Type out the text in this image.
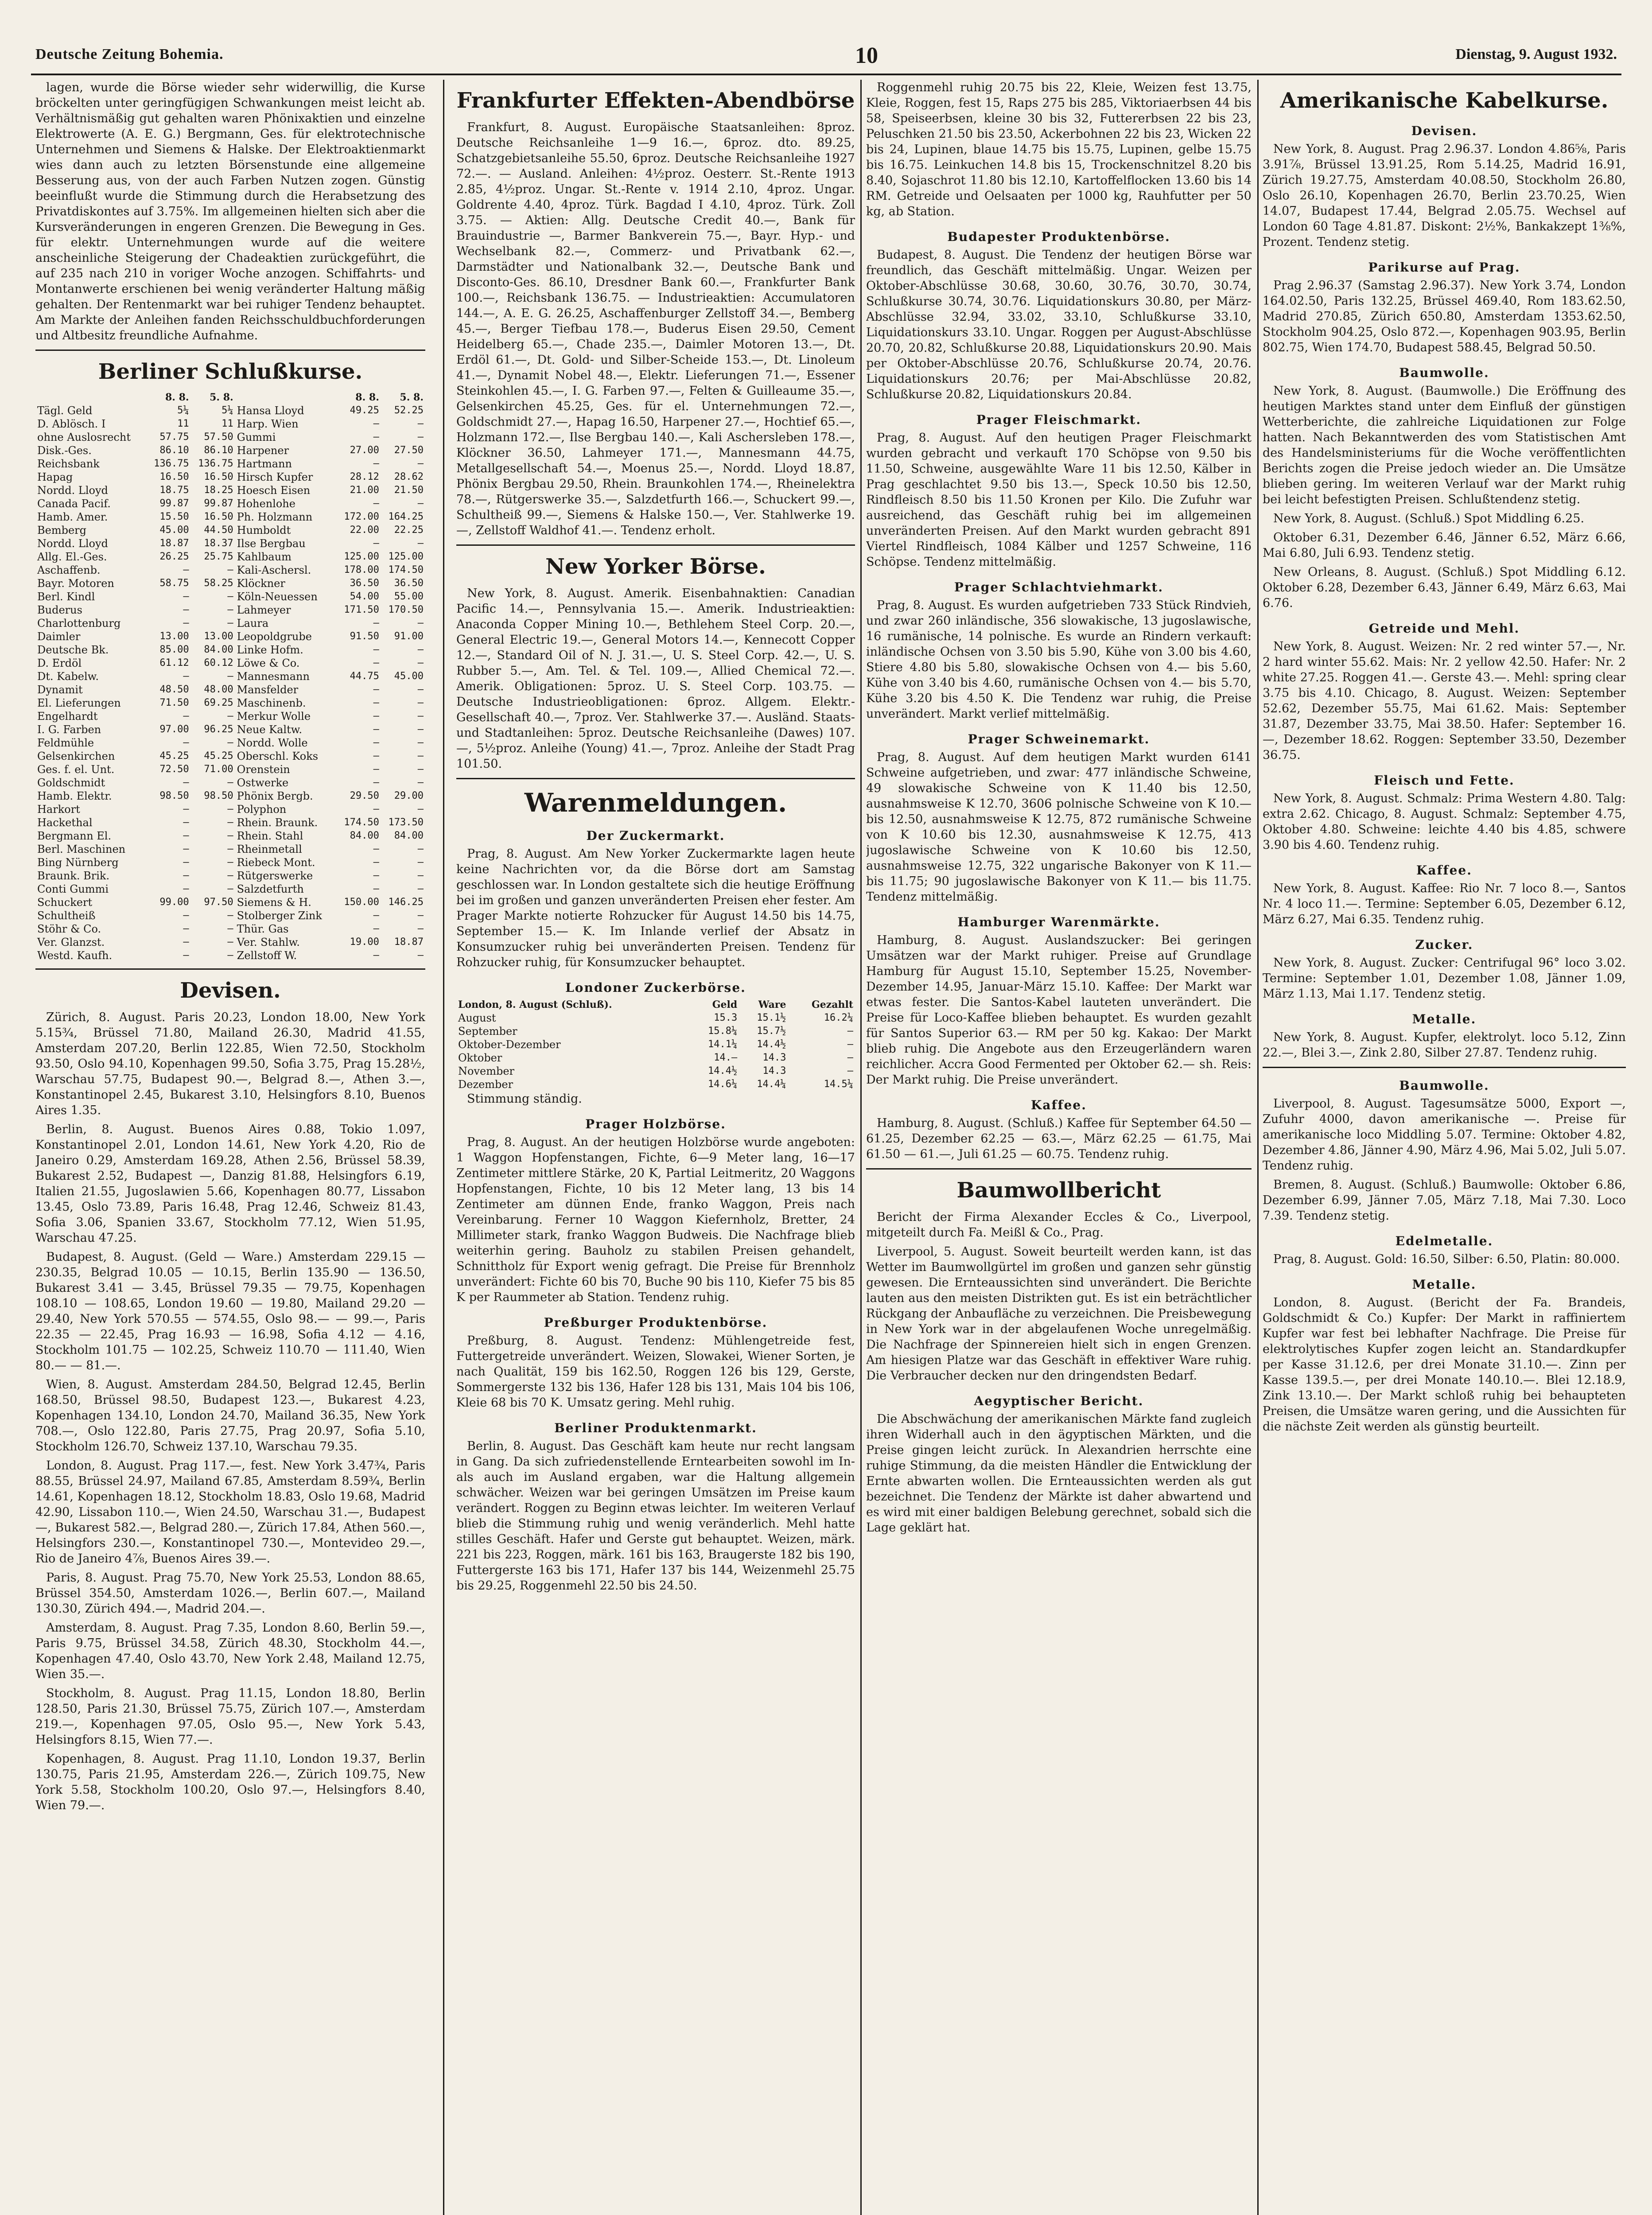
Deutsche Zeitung Bohemia.	10	Dienstag, 9. August 1932.

lagen, wurde die Börse wieder sehr widerwillig, die Kurse bröckelten unter geringfügigen Schwankungen meist leicht ab. Verhältnismäßig gut gehalten waren Phönixaktien und einzelne Elektrowerte (A. E. G.) Bergmann, Ges. für elektrotechnische Unternehmen und Siemens & Halske. Der Elektroaktienmarkt wies dann auch zu letzten Börsenstunde eine allgemeine Besserung aus, von der auch Farben Nutzen zogen. Günstig beeinflußt wurde die Stimmung durch die Herabsetzung des Privatdiskontes auf 3.75%. Im allgemeinen hielten sich aber die Kursveränderungen in engeren Grenzen. Die Bewegung in Ges. für elektr. Unternehmungen wurde auf die weitere anscheinliche Steigerung der Chadeaktien zurückgeführt, die auf 235 nach 210 in voriger Woche anzogen. Schiffahrts- und Montanwerte erschienen bei wenig veränderter Haltung mäßig gehalten. Der Rentenmarkt war bei ruhiger Tendenz behauptet. Am Markte der Anleihen fanden Reichsschuldbuchforderungen und Altbesitz freundliche Aufnahme.

Berliner Schlußkurse.
	8. 8.	5. 8.		8. 8.	5. 8.
Tägl. Geld	5¼	5¼	Hansa Lloyd	49.25	52.25
D. Ablösch. I	11	11	Harp. Wien	—	—
ohne Auslosrecht	57.75	57.50	Gummi	—	—
Disk.-Ges.	86.10	86.10	Harpener	27.00	27.50
Reichsbank	136.75	136.75	Hartmann	—	—
Hapag	16.50	16.50	Hirsch Kupfer	28.12	28.62
Nordd. Lloyd	18.75	18.25	Hoesch Eisen	21.00	21.50
Canada Pacif.	99.87	99.87	Hohenlohe	—	—
Hamb. Amer.	15.50	16.50	Ph. Holzmann	172.00	164.25
Bemberg	45.00	44.50	Humboldt	22.00	22.25
Nordd. Lloyd	18.87	18.37	Ilse Bergbau	—	—
Allg. El.-Ges.	26.25	25.75	Kahlbaum	125.00	125.00
Aschaffenb.	—	—	Kali-Aschersl.	178.00	174.50
Bayr. Motoren	58.75	58.25	Klöckner	36.50	36.50
Berl. Kindl	—	—	Köln-Neuessen	54.00	55.00
Buderus	—	—	Lahmeyer	171.50	170.50
Charlottenburg	—	—	Laura	—	—
Daimler	13.00	13.00	Leopoldgrube	91.50	91.00
Deutsche Bk.	85.00	84.00	Linke Hofm.	—	—
D. Erdöl	61.12	60.12	Löwe & Co.	—	—
Dt. Kabelw.	—	—	Mannesmann	44.75	45.00
Dynamit	48.50	48.00	Mansfelder	—	—
El. Lieferungen	71.50	69.25	Maschinenb.	—	—
Engelhardt	—	—	Merkur Wolle	—	—
I. G. Farben	97.00	96.25	Neue Kaltw.	—	—
Feldmühle	—	—	Nordd. Wolle	—	—
Gelsenkirchen	45.25	45.25	Oberschl. Koks	—	—
Ges. f. el. Unt.	72.50	71.00	Orenstein	—	—
Goldschmidt	—	—	Ostwerke	—	—
Hamb. Elektr.	98.50	98.50	Phönix Bergb.	29.50	29.00
Harkort	—	—	Polyphon	—	—
Hackethal	—	—	Rhein. Braunk.	174.50	173.50
Bergmann El.	—	—	Rhein. Stahl	84.00	84.00
Berl. Maschinen	—	—	Rheinmetall	—	—
Bing Nürnberg	—	—	Riebeck Mont.	—	—
Braunk. Brik.	—	—	Rütgerswerke	—	—
Conti Gummi	—	—	Salzdetfurth	—	—
Schuckert	99.00	97.50	Siemens & H.	150.00	146.25
Schultheiß	—	—	Stolberger Zink	—	—
Stöhr & Co.	—	—	Thür. Gas	—	—
Ver. Glanzst.	—	—	Ver. Stahlw.	19.00	18.87
Westd. Kaufh.	—	—	Zellstoff W.	—	—
Devisen.

Zürich, 8. August. Paris 20.23, London 18.00, New York 5.15¾, Brüssel 71.80, Mailand 26.30, Madrid 41.55, Amsterdam 207.20, Berlin 122.85, Wien 72.50, Stockholm 93.50, Oslo 94.10, Kopenhagen 99.50, Sofia 3.75, Prag 15.28½, Warschau 57.75, Budapest 90.—, Belgrad 8.—, Athen 3.—, Konstantinopel 2.45, Bukarest 3.10, Helsingfors 8.10, Buenos Aires 1.35.

Berlin, 8. August. Buenos Aires 0.88, Tokio 1.097, Konstantinopel 2.01, London 14.61, New York 4.20, Rio de Janeiro 0.29, Amsterdam 169.28, Athen 2.56, Brüssel 58.39, Bukarest 2.52, Budapest —, Danzig 81.88, Helsingfors 6.19, Italien 21.55, Jugoslawien 5.66, Kopenhagen 80.77, Lissabon 13.45, Oslo 73.89, Paris 16.48, Prag 12.46, Schweiz 81.43, Sofia 3.06, Spanien 33.67, Stockholm 77.12, Wien 51.95, Warschau 47.25.

Budapest, 8. August. (Geld — Ware.) Amsterdam 229.15 — 230.35, Belgrad 10.05 — 10.15, Berlin 135.90 — 136.50, Bukarest 3.41 — 3.45, Brüssel 79.35 — 79.75, Kopenhagen 108.10 — 108.65, London 19.60 — 19.80, Mailand 29.20 — 29.40, New York 570.55 — 574.55, Oslo 98.— — 99.—, Paris 22.35 — 22.45, Prag 16.93 — 16.98, Sofia 4.12 — 4.16, Stockholm 101.75 — 102.25, Schweiz 110.70 — 111.40, Wien 80.— — 81.—.

Wien, 8. August. Amsterdam 284.50, Belgrad 12.45, Berlin 168.50, Brüssel 98.50, Budapest 123.—, Bukarest 4.23, Kopenhagen 134.10, London 24.70, Mailand 36.35, New York 708.—, Oslo 122.80, Paris 27.75, Prag 20.97, Sofia 5.10, Stockholm 126.70, Schweiz 137.10, Warschau 79.35.

London, 8. August. Prag 117.—, fest. New York 3.47¾, Paris 88.55, Brüssel 24.97, Mailand 67.85, Amsterdam 8.59¾, Berlin 14.61, Kopenhagen 18.12, Stockholm 18.83, Oslo 19.68, Madrid 42.90, Lissabon 110.—, Wien 24.50, Warschau 31.—, Budapest —, Bukarest 582.—, Belgrad 280.—, Zürich 17.84, Athen 560.—, Helsingfors 230.—, Konstantinopel 730.—, Montevideo 29.—, Rio de Janeiro 4⅞, Buenos Aires 39.—.

Paris, 8. August. Prag 75.70, New York 25.53, London 88.65, Brüssel 354.50, Amsterdam 1026.—, Berlin 607.—, Mailand 130.30, Zürich 494.—, Madrid 204.—.

Amsterdam, 8. August. Prag 7.35, London 8.60, Berlin 59.—, Paris 9.75, Brüssel 34.58, Zürich 48.30, Stockholm 44.—, Kopenhagen 47.40, Oslo 43.70, New York 2.48, Mailand 12.75, Wien 35.—.

Stockholm, 8. August. Prag 11.15, London 18.80, Berlin 128.50, Paris 21.30, Brüssel 75.75, Zürich 107.—, Amsterdam 219.—, Kopenhagen 97.05, Oslo 95.—, New York 5.43, Helsingfors 8.15, Wien 77.—.

Kopenhagen, 8. August. Prag 11.10, London 19.37, Berlin 130.75, Paris 21.95, Amsterdam 226.—, Zürich 109.75, New York 5.58, Stockholm 100.20, Oslo 97.—, Helsingfors 8.40, Wien 79.—.

Frankfurter Effekten-Abendbörse

Frankfurt, 8. August. Europäische Staatsanleihen: 8proz. Deutsche Reichsanleihe 1—9 16.—, 6proz. dto. 89.25, Schatzgebietsanleihe 55.50, 6proz. Deutsche Reichsanleihe 1927 72.—. — Ausland. Anleihen: 4½proz. Oesterr. St.-Rente 1913 2.85, 4½proz. Ungar. St.-Rente v. 1914 2.10, 4proz. Ungar. Goldrente 4.40, 4proz. Türk. Bagdad I 4.10, 4proz. Türk. Zoll 3.75. — Aktien: Allg. Deutsche Credit 40.—, Bank für Brauindustrie —, Barmer Bankverein 75.—, Bayr. Hyp.- und Wechselbank 82.—, Commerz- und Privatbank 62.—, Darmstädter und Nationalbank 32.—, Deutsche Bank und Disconto-Ges. 86.10, Dresdner Bank 60.—, Frankfurter Bank 100.—, Reichsbank 136.75. — Industrieaktien: Accumulatoren 144.—, A. E. G. 26.25, Aschaffenburger Zellstoff 34.—, Bemberg 45.—, Berger Tiefbau 178.—, Buderus Eisen 29.50, Cement Heidelberg 65.—, Chade 235.—, Daimler Motoren 13.—, Dt. Erdöl 61.—, Dt. Gold- und Silber-Scheide 153.—, Dt. Linoleum 41.—, Dynamit Nobel 48.—, Elektr. Lieferungen 71.—, Essener Steinkohlen 45.—, I. G. Farben 97.—, Felten & Guilleaume 35.—, Gelsenkirchen 45.25, Ges. für el. Unternehmungen 72.—, Goldschmidt 27.—, Hapag 16.50, Harpener 27.—, Hochtief 65.—, Holzmann 172.—, Ilse Bergbau 140.—, Kali Aschersleben 178.—, Klöckner 36.50, Lahmeyer 171.—, Mannesmann 44.75, Metallgesellschaft 54.—, Moenus 25.—, Nordd. Lloyd 18.87, Phönix Bergbau 29.50, Rhein. Braunkohlen 174.—, Rheinelektra 78.—, Rütgerswerke 35.—, Salzdetfurth 166.—, Schuckert 99.—, Schultheiß 99.—, Siemens & Halske 150.—, Ver. Stahlwerke 19.—, Zellstoff Waldhof 41.—. Tendenz erholt.

New Yorker Börse.

New York, 8. August. Amerik. Eisenbahnaktien: Canadian Pacific 14.—, Pennsylvania 15.—. Amerik. Industrieaktien: Anaconda Copper Mining 10.—, Bethlehem Steel Corp. 20.—, General Electric 19.—, General Motors 14.—, Kennecott Copper 12.—, Standard Oil of N. J. 31.—, U. S. Steel Corp. 42.—, U. S. Rubber 5.—, Am. Tel. & Tel. 109.—, Allied Chemical 72.—. Amerik. Obligationen: 5proz. U. S. Steel Corp. 103.75. — Deutsche Industrieobligationen: 6proz. Allgem. Elektr.-Gesellschaft 40.—, 7proz. Ver. Stahlwerke 37.—. Ausländ. Staats- und Stadtanleihen: 5proz. Deutsche Reichsanleihe (Dawes) 107.—, 5½proz. Anleihe (Young) 41.—, 7proz. Anleihe der Stadt Prag 101.50.

Warenmeldungen.
Der Zuckermarkt.

Prag, 8. August. Am New Yorker Zuckermarkte lagen heute keine Nachrichten vor, da die Börse dort am Samstag geschlossen war. In London gestaltete sich die heutige Eröffnung bei im großen und ganzen unveränderten Preisen eher fester. Am Prager Markte notierte Rohzucker für August 14.50 bis 14.75, September 15.— K. Im Inlande verlief der Absatz in Konsumzucker ruhig bei unveränderten Preisen. Tendenz für Rohzucker ruhig, für Konsumzucker behauptet.

Londoner Zuckerbörse.
London, 8. August (Schluß).	Geld	Ware	Gezahlt
August	15.3	15.1½	16.2¼
September	15.8¼	15.7½	—
Oktober-Dezember	14.1¼	14.4½	—
Oktober	14.—	14.3	—
November	14.4½	14.3	—
Dezember	14.6¼	14.4¼	14.5¼

Stimmung ständig.

Prager Holzbörse.

Prag, 8. August. An der heutigen Holzbörse wurde angeboten: 1 Waggon Hopfenstangen, Fichte, 6—9 Meter lang, 16—17 Zentimeter mittlere Stärke, 20 K, Partial Leitmeritz, 20 Waggons Hopfenstangen, Fichte, 10 bis 12 Meter lang, 13 bis 14 Zentimeter am dünnen Ende, franko Waggon, Preis nach Vereinbarung. Ferner 10 Waggon Kiefernholz, Bretter, 24 Millimeter stark, franko Waggon Budweis. Die Nachfrage blieb weiterhin gering. Bauholz zu stabilen Preisen gehandelt, Schnittholz für Export wenig gefragt. Die Preise für Brennholz unverändert: Fichte 60 bis 70, Buche 90 bis 110, Kiefer 75 bis 85 K per Raummeter ab Station. Tendenz ruhig.

Preßburger Produktenbörse.

Preßburg, 8. August. Tendenz: Mühlengetreide fest, Futtergetreide unverändert. Weizen, Slowakei, Wiener Sorten, je nach Qualität, 159 bis 162.50, Roggen 126 bis 129, Gerste, Sommergerste 132 bis 136, Hafer 128 bis 131, Mais 104 bis 106, Kleie 68 bis 70 K. Umsatz gering. Mehl ruhig.

Berliner Produktenmarkt.

Berlin, 8. August. Das Geschäft kam heute nur recht langsam in Gang. Da sich zufriedenstellende Erntearbeiten sowohl im In- als auch im Ausland ergaben, war die Haltung allgemein schwächer. Weizen war bei geringen Umsätzen im Preise kaum verändert. Roggen zu Beginn etwas leichter. Im weiteren Verlauf blieb die Stimmung ruhig und wenig veränderlich. Mehl hatte stilles Geschäft. Hafer und Gerste gut behauptet. Weizen, märk. 221 bis 223, Roggen, märk. 161 bis 163, Braugerste 182 bis 190, Futtergerste 163 bis 171, Hafer 137 bis 144, Weizenmehl 25.75 bis 29.25, Roggenmehl 22.50 bis 24.50.

Roggenmehl ruhig 20.75 bis 22, Kleie, Weizen fest 13.75, Kleie, Roggen, fest 15, Raps 275 bis 285, Viktoriaerbsen 44 bis 58, Speiseerbsen, kleine 30 bis 32, Futtererbsen 22 bis 23, Peluschken 21.50 bis 23.50, Ackerbohnen 22 bis 23, Wicken 22 bis 24, Lupinen, blaue 14.75 bis 15.75, Lupinen, gelbe 15.75 bis 16.75. Leinkuchen 14.8 bis 15, Trockenschnitzel 8.20 bis 8.40, Sojaschrot 11.80 bis 12.10, Kartoffelflocken 13.60 bis 14 RM. Getreide und Oelsaaten per 1000 kg, Rauhfutter per 50 kg, ab Station.

Budapester Produktenbörse.

Budapest, 8. August. Die Tendenz der heutigen Börse war freundlich, das Geschäft mittelmäßig. Ungar. Weizen per Oktober-Abschlüsse 30.68, 30.60, 30.76, 30.70, 30.74, Schlußkurse 30.74, 30.76. Liquidationskurs 30.80, per März-Abschlüsse 32.94, 33.02, 33.10, Schlußkurse 33.10, Liquidationskurs 33.10. Ungar. Roggen per August-Abschlüsse 20.70, 20.82, Schlußkurse 20.88, Liquidationskurs 20.90. Mais per Oktober-Abschlüsse 20.76, Schlußkurse 20.74, 20.76. Liquidationskurs 20.76; per Mai-Abschlüsse 20.82, Schlußkurse 20.82, Liquidationskurs 20.84.

Prager Fleischmarkt.

Prag, 8. August. Auf den heutigen Prager Fleischmarkt wurden gebracht und verkauft 170 Schöpse von 9.50 bis 11.50, Schweine, ausgewählte Ware 11 bis 12.50, Kälber in Prag geschlachtet 9.50 bis 13.—, Speck 10.50 bis 12.50, Rindfleisch 8.50 bis 11.50 Kronen per Kilo. Die Zufuhr war ausreichend, das Geschäft ruhig bei im allgemeinen unveränderten Preisen. Auf den Markt wurden gebracht 891 Viertel Rindfleisch, 1084 Kälber und 1257 Schweine, 116 Schöpse. Tendenz mittelmäßig.

Prager Schlachtviehmarkt.

Prag, 8. August. Es wurden aufgetrieben 733 Stück Rindvieh, und zwar 260 inländische, 356 slowakische, 13 jugoslawische, 16 rumänische, 14 polnische. Es wurde an Rindern verkauft: inländische Ochsen von 3.50 bis 5.90, Kühe von 3.00 bis 4.60, Stiere 4.80 bis 5.80, slowakische Ochsen von 4.— bis 5.60, Kühe von 3.40 bis 4.60, rumänische Ochsen von 4.— bis 5.70, Kühe 3.20 bis 4.50 K. Die Tendenz war ruhig, die Preise unverändert. Markt verlief mittelmäßig.

Prager Schweinemarkt.

Prag, 8. August. Auf dem heutigen Markt wurden 6141 Schweine aufgetrieben, und zwar: 477 inländische Schweine, 49 slowakische Schweine von K 11.40 bis 12.50, ausnahmsweise K 12.70, 3606 polnische Schweine von K 10.— bis 12.50, ausnahmsweise K 12.75, 872 rumänische Schweine von K 10.60 bis 12.30, ausnahmsweise K 12.75, 413 jugoslawische Schweine von K 10.60 bis 12.50, ausnahmsweise 12.75, 322 ungarische Bakonyer von K 11.— bis 11.75; 90 jugoslawische Bakonyer von K 11.— bis 11.75. Tendenz mittelmäßig.

Hamburger Warenmärkte.

Hamburg, 8. August. Auslandszucker: Bei geringen Umsätzen war der Markt ruhiger. Preise auf Grundlage Hamburg für August 15.10, September 15.25, November-Dezember 14.95, Januar-März 15.10. Kaffee: Der Markt war etwas fester. Die Santos-Kabel lauteten unverändert. Die Preise für Loco-Kaffee blieben behauptet. Es wurden gezahlt für Santos Superior 63.— RM per 50 kg. Kakao: Der Markt blieb ruhig. Die Angebote aus den Erzeugerländern waren reichlicher. Accra Good Fermented per Oktober 62.— sh. Reis: Der Markt ruhig. Die Preise unverändert.

Kaffee.

Hamburg, 8. August. (Schluß.) Kaffee für September 64.50 — 61.25, Dezember 62.25 — 63.—, März 62.25 — 61.75, Mai 61.50 — 61.—, Juli 61.25 — 60.75. Tendenz ruhig.

Baumwollbericht

Bericht der Firma Alexander Eccles & Co., Liverpool, mitgeteilt durch Fa. Meißl & Co., Prag.

Liverpool, 5. August. Soweit beurteilt werden kann, ist das Wetter im Baumwollgürtel im großen und ganzen sehr günstig gewesen. Die Ernteaussichten sind unverändert. Die Berichte lauten aus den meisten Distrikten gut. Es ist ein beträchtlicher Rückgang der Anbaufläche zu verzeichnen. Die Preisbewegung in New York war in der abgelaufenen Woche unregelmäßig. Die Nachfrage der Spinnereien hielt sich in engen Grenzen. Am hiesigen Platze war das Geschäft in effektiver Ware ruhig. Die Verbraucher decken nur den dringendsten Bedarf.

Aegyptischer Bericht.

Die Abschwächung der amerikanischen Märkte fand zugleich ihren Widerhall auch in den ägyptischen Märkten, und die Preise gingen leicht zurück. In Alexandrien herrschte eine ruhige Stimmung, da die meisten Händler die Entwicklung der Ernte abwarten wollen. Die Ernteaussichten werden als gut bezeichnet. Die Tendenz der Märkte ist daher abwartend und es wird mit einer baldigen Belebung gerechnet, sobald sich die Lage geklärt hat.

Amerikanische Kabelkurse.
Devisen.

New York, 8. August. Prag 2.96.37. London 4.86⅝, Paris 3.91⅞, Brüssel 13.91.25, Rom 5.14.25, Madrid 16.91, Zürich 19.27.75, Amsterdam 40.08.50, Stockholm 26.80, Oslo 26.10, Kopenhagen 26.70, Berlin 23.70.25, Wien 14.07, Budapest 17.44, Belgrad 2.05.75. Wechsel auf London 60 Tage 4.81.87. Diskont: 2½%, Bankakzept 1⅜%, Prozent. Tendenz stetig.

Parikurse auf Prag.

Prag 2.96.37 (Samstag 2.96.37). New York 3.74, London 164.02.50, Paris 132.25, Brüssel 469.40, Rom 183.62.50, Madrid 270.85, Zürich 650.80, Amsterdam 1353.62.50, Stockholm 904.25, Oslo 872.—, Kopenhagen 903.95, Berlin 802.75, Wien 174.70, Budapest 588.45, Belgrad 50.50.

Baumwolle.

New York, 8. August. (Baumwolle.) Die Eröffnung des heutigen Marktes stand unter dem Einfluß der günstigen Wetterberichte, die zahlreiche Liquidationen zur Folge hatten. Nach Bekanntwerden des vom Statistischen Amt des Handelsministeriums für die Woche veröffentlichten Berichts zogen die Preise jedoch wieder an. Die Umsätze blieben gering. Im weiteren Verlauf war der Markt ruhig bei leicht befestigten Preisen. Schlußtendenz stetig.

New York, 8. August. (Schluß.) Spot Middling 6.25.

Oktober 6.31, Dezember 6.46, Jänner 6.52, März 6.66, Mai 6.80, Juli 6.93. Tendenz stetig.

New Orleans, 8. August. (Schluß.) Spot Middling 6.12. Oktober 6.28, Dezember 6.43, Jänner 6.49, März 6.63, Mai 6.76.

Getreide und Mehl.

New York, 8. August. Weizen: Nr. 2 red winter 57.—, Nr. 2 hard winter 55.62. Mais: Nr. 2 yellow 42.50. Hafer: Nr. 2 white 27.25. Roggen 41.—. Gerste 43.—. Mehl: spring clear 3.75 bis 4.10. Chicago, 8. August. Weizen: September 52.62, Dezember 55.75, Mai 61.62. Mais: September 31.87, Dezember 33.75, Mai 38.50. Hafer: September 16.—, Dezember 18.62. Roggen: September 33.50, Dezember 36.75.

Fleisch und Fette.

New York, 8. August. Schmalz: Prima Western 4.80. Talg: extra 2.62. Chicago, 8. August. Schmalz: September 4.75, Oktober 4.80. Schweine: leichte 4.40 bis 4.85, schwere 3.90 bis 4.60. Tendenz ruhig.

Kaffee.

New York, 8. August. Kaffee: Rio Nr. 7 loco 8.—, Santos Nr. 4 loco 11.—. Termine: September 6.05, Dezember 6.12, März 6.27, Mai 6.35. Tendenz ruhig.

Zucker.

New York, 8. August. Zucker: Centrifugal 96° loco 3.02. Termine: September 1.01, Dezember 1.08, Jänner 1.09, März 1.13, Mai 1.17. Tendenz stetig.

Metalle.

New York, 8. August. Kupfer, elektrolyt. loco 5.12, Zinn 22.—, Blei 3.—, Zink 2.80, Silber 27.87. Tendenz ruhig.

Baumwolle.

Liverpool, 8. August. Tagesumsätze 5000, Export —, Zufuhr 4000, davon amerikanische —. Preise für amerikanische loco Middling 5.07. Termine: Oktober 4.82, Dezember 4.86, Jänner 4.90, März 4.96, Mai 5.02, Juli 5.07. Tendenz ruhig.

Bremen, 8. August. (Schluß.) Baumwolle: Oktober 6.86, Dezember 6.99, Jänner 7.05, März 7.18, Mai 7.30. Loco 7.39. Tendenz stetig.

Edelmetalle.

Prag, 8. August. Gold: 16.50, Silber: 6.50, Platin: 80.000.

Metalle.

London, 8. August. (Bericht der Fa. Brandeis, Goldschmidt & Co.) Kupfer: Der Markt in raffiniertem Kupfer war fest bei lebhafter Nachfrage. Die Preise für elektrolytisches Kupfer zogen leicht an. Standardkupfer per Kasse 31.12.6, per drei Monate 31.10.—. Zinn per Kasse 139.5.—, per drei Monate 140.10.—. Blei 12.18.9, Zink 13.10.—. Der Markt schloß ruhig bei behaupteten Preisen, die Umsätze waren gering, und die Aussichten für die nächste Zeit werden als günstig beurteilt.
